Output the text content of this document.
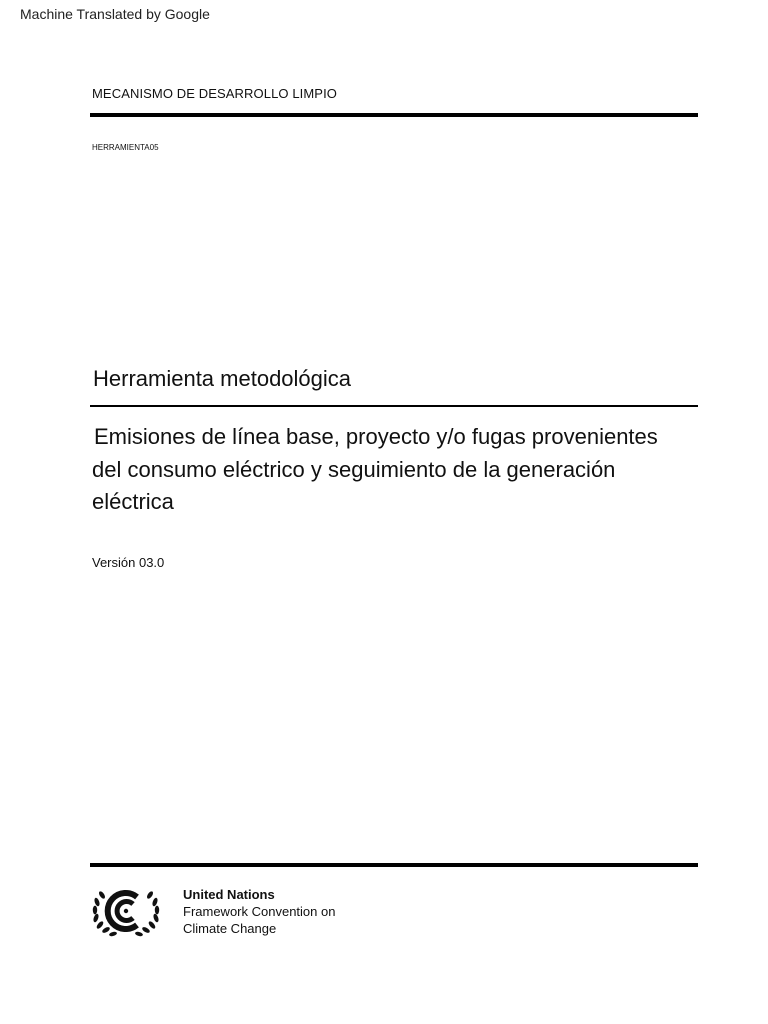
Machine Translated by Google
MECANISMO DE DESARROLLO LIMPIO
HERRAMIENTA05
Herramienta metodológica
Emisiones de línea base, proyecto y/o fugas provenientes del consumo eléctrico y seguimiento de la generación eléctrica
Versión 03.0
United Nations
Framework Convention on
Climate Change
